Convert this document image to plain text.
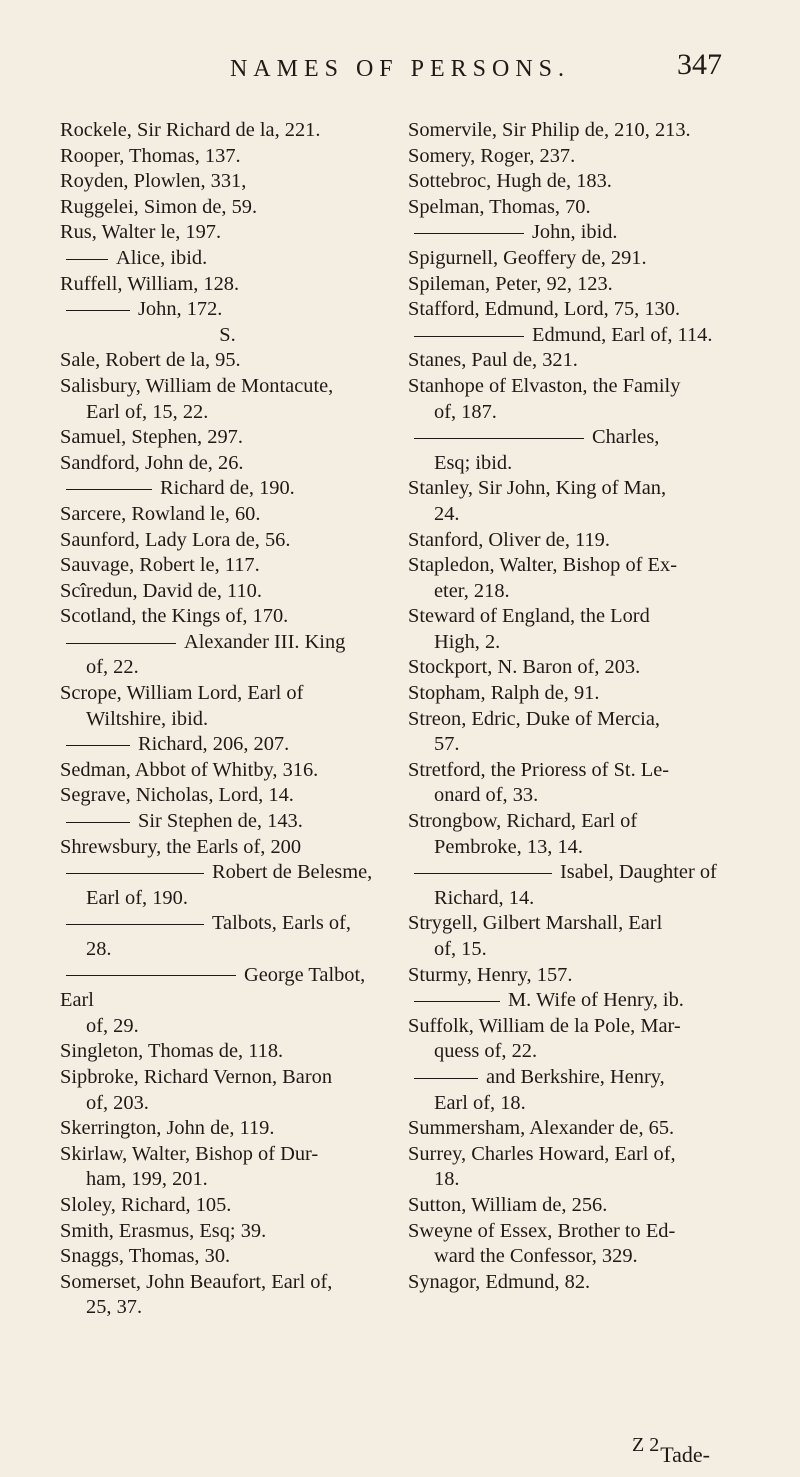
NAMES OF PERSONS.	347
Rockele, Sir Richard de la, 221.
Rooper, Thomas, 137.
Royden, Plowlen, 331,
Ruggelei, Simon de, 59.
Rus, Walter le, 197.
Alice, ibid.
Ruffell, William, 128.
John, 172.
S.
Sale, Robert de la, 95.
Salisbury, William de Montacute,
Earl of, 15, 22.
Samuel, Stephen, 297.
Sandford, John de, 26.
Richard de, 190.
Sarcere, Rowland le, 60.
Saunford, Lady Lora de, 56.
Sauvage, Robert le, 117.
Scîredun, David de, 110.
Scotland, the Kings of, 170.
Alexander III. King
of, 22.
Scrope, William Lord, Earl of
Wiltshire, ibid.
Richard, 206, 207.
Sedman, Abbot of Whitby, 316.
Segrave, Nicholas, Lord, 14.
Sir Stephen de, 143.
Shrewsbury, the Earls of, 200
Robert de Belesme,
Earl of, 190.
Talbots, Earls of,
28.
George Talbot, Earl
of, 29.
Singleton, Thomas de, 118.
Sipbroke, Richard Vernon, Baron
of, 203.
Skerrington, John de, 119.
Skirlaw, Walter, Bishop of Dur-
ham, 199, 201.
Sloley, Richard, 105.
Smith, Erasmus, Esq; 39.
Snaggs, Thomas, 30.
Somerset, John Beaufort, Earl of,
25, 37.
Somervile, Sir Philip de, 210, 213.
Somery, Roger, 237.
Sottebroc, Hugh de, 183.
Spelman, Thomas, 70.
John, ibid.
Spigurnell, Geoffery de, 291.
Spileman, Peter, 92, 123.
Stafford, Edmund, Lord, 75, 130.
Edmund, Earl of, 114.
Stanes, Paul de, 321.
Stanhope of Elvaston, the Family
of, 187.
Charles,
Esq; ibid.
Stanley, Sir John, King of Man,
24.
Stanford, Oliver de, 119.
Stapledon, Walter, Bishop of Ex-
eter, 218.
Steward of England, the Lord
High, 2.
Stockport, N. Baron of, 203.
Stopham, Ralph de, 91.
Streon, Edric, Duke of Mercia,
57.
Stretford, the Prioress of St. Le-
onard of, 33.
Strongbow, Richard, Earl of
Pembroke, 13, 14.
Isabel, Daughter of
Richard, 14.
Strygell, Gilbert Marshall, Earl
of, 15.
Sturmy, Henry, 157.
M. Wife of Henry, ib.
Suffolk, William de la Pole, Mar-
quess of, 22.
and Berkshire, Henry,
Earl of, 18.
Summersham, Alexander de, 65.
Surrey, Charles Howard, Earl of,
18.
Sutton, William de, 256.
Sweyne of Essex, Brother to Ed-
ward the Confessor, 329.
Synagor, Edmund, 82.
Z 2 Tade-
